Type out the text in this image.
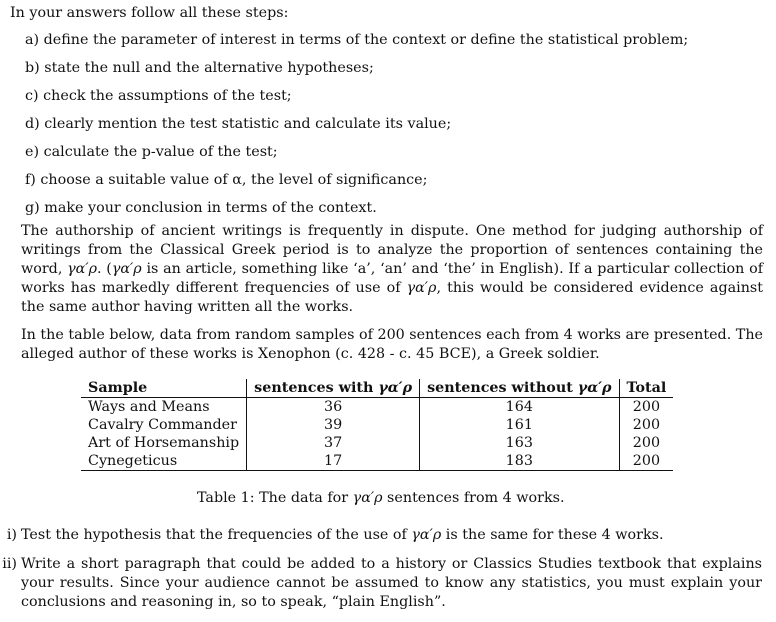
In your answers follow all these steps:

a) define the parameter of interest in terms of the context or define the statistical problem;
b) state the null and the alternative hypotheses;
c) check the assumptions of the test;
d) clearly mention the test statistic and calculate its value;
e) calculate the p-value of the test;
f) choose a suitable value of α, the level of significance;
g) make your conclusion in terms of the context.

The authorship of ancient writings is frequently in dispute. One method for judging authorship of writings from the Classical Greek period is to analyze the proportion of sentences containing the word, γα′ρ. (γα′ρ is an article, something like ‘a’, ‘an’ and ‘the’ in English). If a particular collection of works has markedly different frequencies of use of γα′ρ, this would be considered evidence against the same author having written all the works.

In the table below, data from random samples of 200 sentences each from 4 works are presented. The alleged author of these works is Xenophon (c. 428 - c. 45 BCE), a Greek soldier.

Sample	sentences with γα′ρ	sentences without γα′ρ	Total
Ways and Means	36	164	200
Cavalry Commander	39	161	200
Art of Horsemanship	37	163	200
Cynegeticus	17	183	200

Table 1: The data for γα′ρ sentences from 4 works.

i) Test the hypothesis that the frequencies of the use of γα′ρ is the same for these 4 works.
ii) Write a short paragraph that could be added to a history or Classics Studies textbook that explains your results. Since your audience cannot be assumed to know any statistics, you must explain your conclusions and reasoning in, so to speak, “plain English”.
